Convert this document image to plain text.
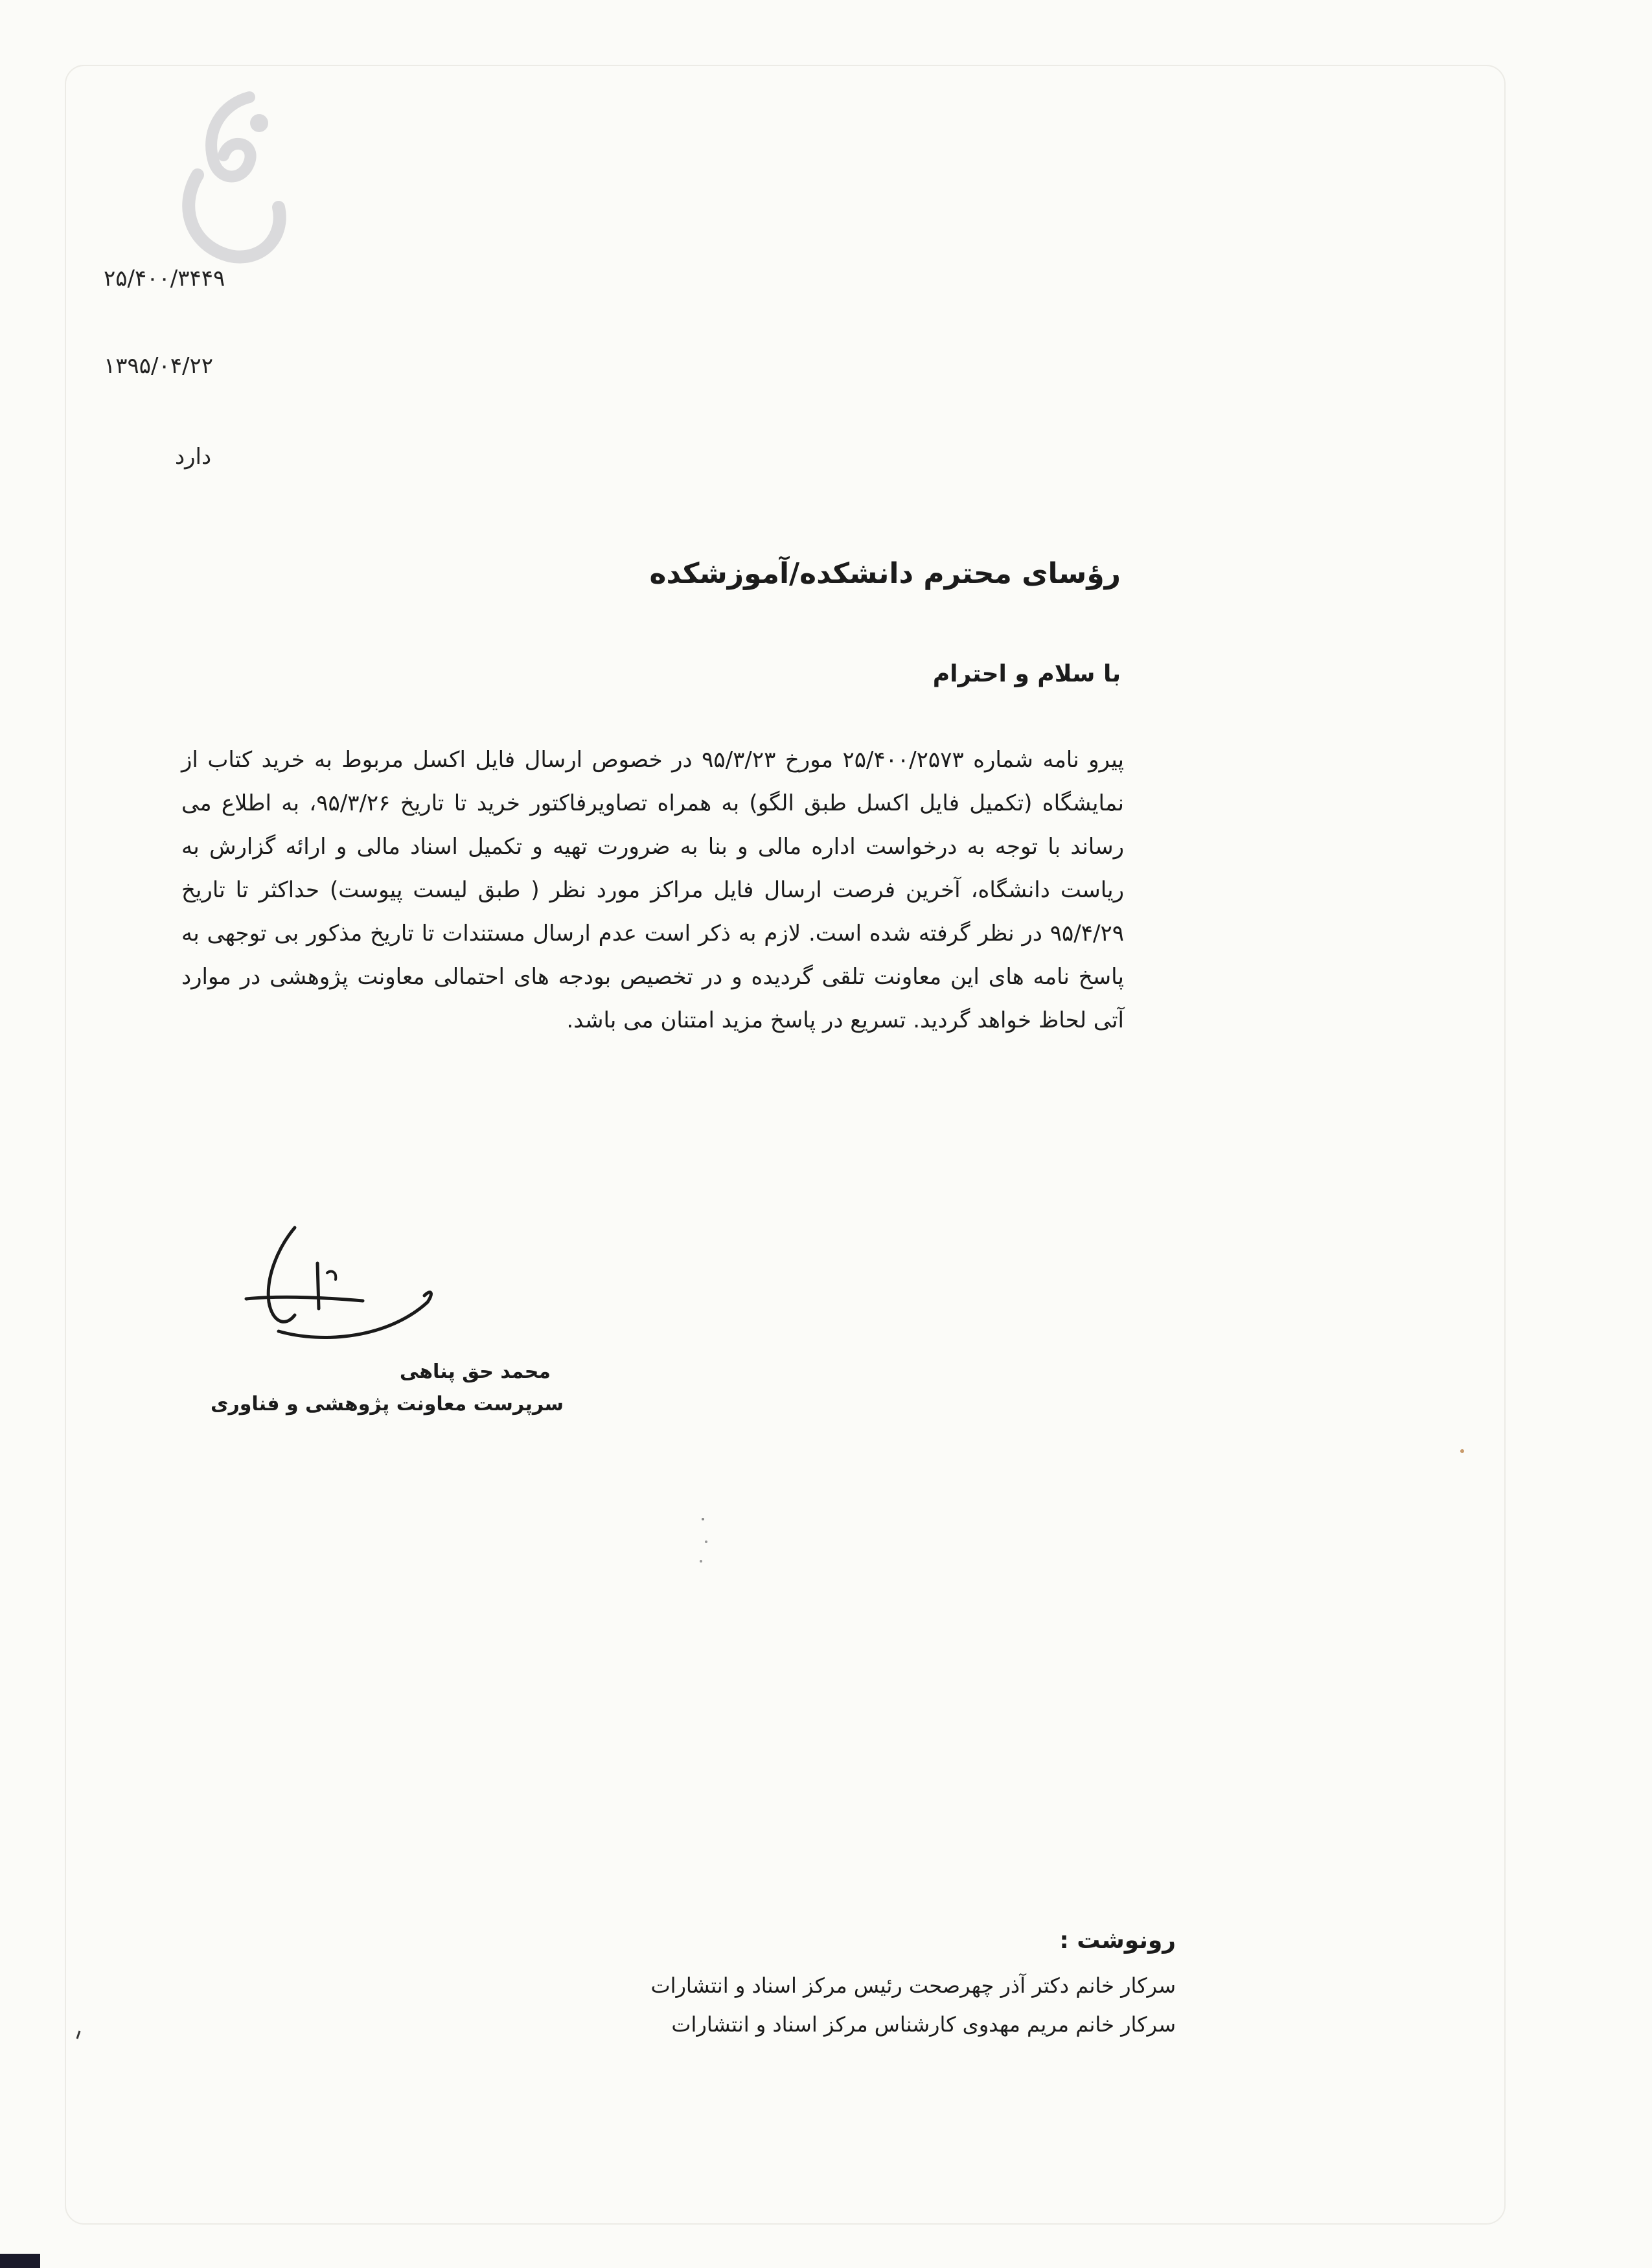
۲۵/۴۰۰/۳۴۴۹
۱۳۹۵/۰۴/۲۲
دارد
رؤسای محترم دانشکده/آموزشکده
با سلام و احترام
پیرو نامه شماره ۲۵/۴۰۰/۲۵۷۳ مورخ ۹۵/۳/۲۳ در خصوص ارسال فایل اکسل مربوط به خرید کتاب از نمایشگاه (تکمیل فایل اکسل طبق الگو) به همراه تصاویرفاکتور خرید تا تاریخ ۹۵/۳/۲۶، به اطلاع می رساند با توجه به درخواست اداره مالی و بنا به ضرورت تهیه و تکمیل اسناد مالی و ارائه گزارش به ریاست دانشگاه، آخرین فرصت ارسال فایل مراکز مورد نظر ( طبق لیست پیوست) حداکثر تا تاریخ ۹۵/۴/۲۹ در نظر گرفته شده است. لازم به ذکر است عدم ارسال مستندات تا تاریخ مذکور بی توجهی به پاسخ نامه های این معاونت تلقی گردیده و در تخصیص بودجه های احتمالی معاونت پژوهشی در موارد آتی لحاظ خواهد گردید. تسریع در پاسخ مزید امتنان می باشد.
محمد حق پناهی
سرپرست معاونت پژوهشی و فناوری
رونوشت :
سرکار خانم دکتر آذر چهرصحت رئیس مرکز اسناد و انتشارات
سرکار خانم مریم مهدوی کارشناس مرکز اسناد و انتشارات
